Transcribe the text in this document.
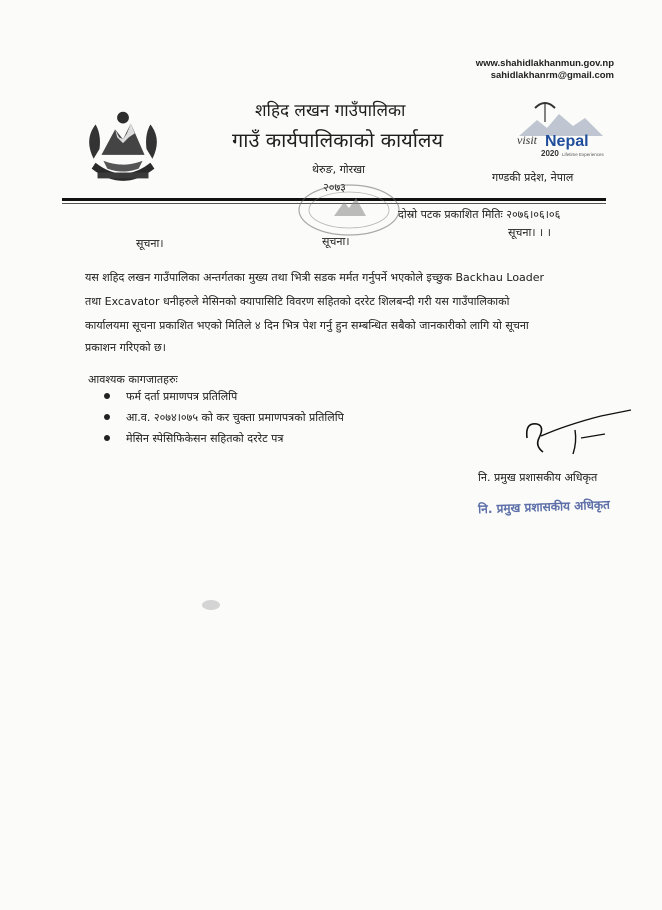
www.shahidlakhanmun.gov.np
sahidlakhanrm@gmail.com
शहिद लखन गाउँपालिका
गाउँ कार्यपालिकाको कार्यालय
थेरुङ, गोरखा
२०७३
visit Nepal
2020 Lifetime Experiences
गण्डकी प्रदेश, नेपाल
दोस्रो पटक प्रकाशित मितिः २०७६।०६।०६
सूचना। । ।
सूचना।	सूचना।
यस शहिद लखन गाउँपालिका अन्तर्गतका मुख्य तथा भित्री सडक मर्मत गर्नुपर्ने भएकोले इच्छुक Backhau Loader
तथा Excavator धनीहरुले मेसिनको क्यापासिटि विवरण सहितको दररेट शिलबन्दी गरी यस गाउँपालिकाको
कार्यालयमा सूचना प्रकाशित भएको मितिले ४ दिन भित्र पेश गर्नु हुन सम्बन्धित सबैको जानकारीको लागि यो सूचना
प्रकाशन गरिएको छ।
आवश्यक कागजातहरुः
फर्म दर्ता प्रमाणपत्र प्रतिलिपि
आ.व. २०७४।०७५ को कर चुक्ता प्रमाणपत्रको प्रतिलिपि
मेसिन स्पेसिफिकेसन सहितको दररेट पत्र
नि. प्रमुख प्रशासकीय अधिकृत
नि. प्रमुख प्रशासकीय अधिकृत
